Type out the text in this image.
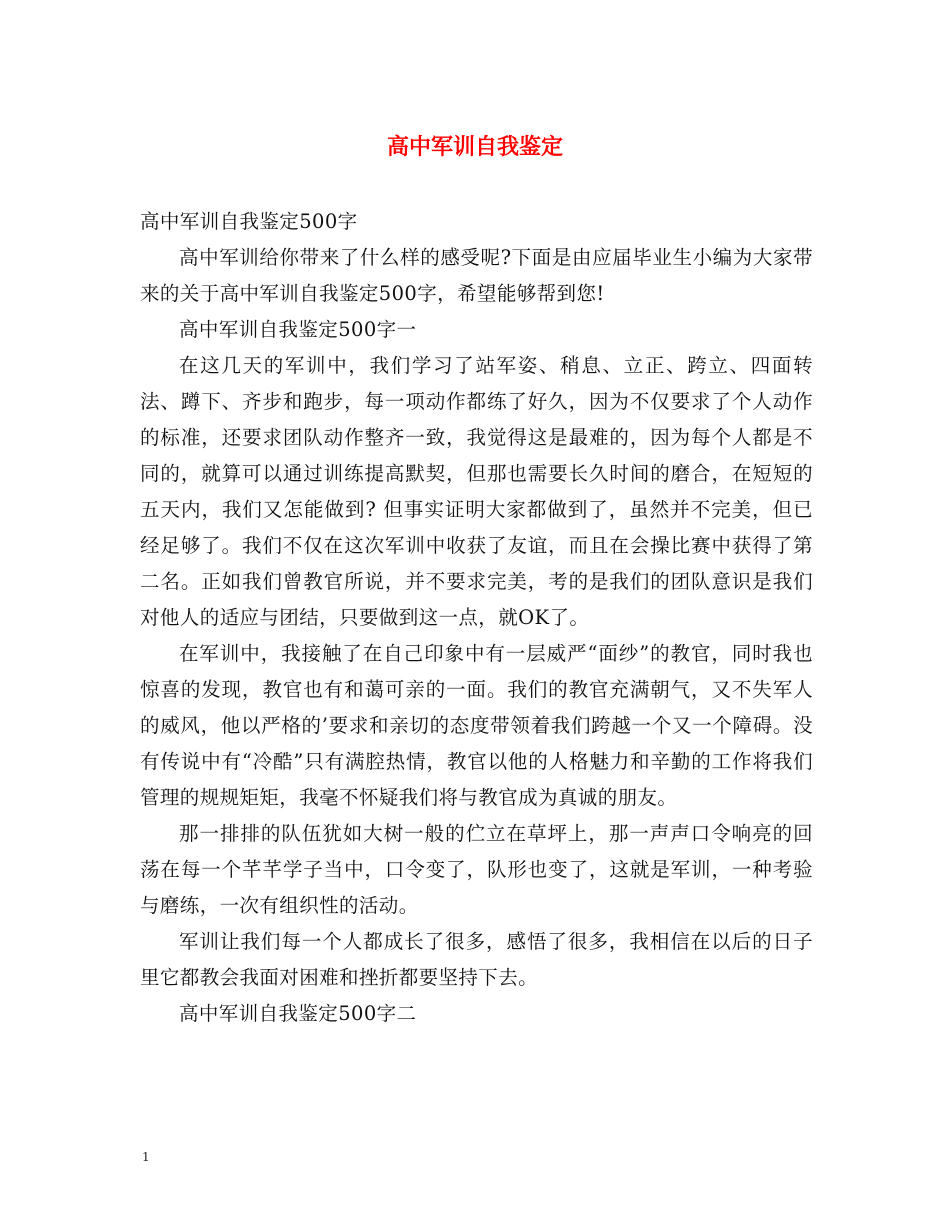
高中军训自我鉴定

高中军训自我鉴定500字

高中军训给你带来了什么样的感受呢?下面是由应届毕业生小编为大家带来的关于高中军训自我鉴定500字，希望能够帮到您!

高中军训自我鉴定500字一

在这几天的军训中，我们学习了站军姿、稍息、立正、跨立、四面转法、蹲下、齐步和跑步，每一项动作都练了好久，因为不仅要求了个人动作的标准，还要求团队动作整齐一致，我觉得这是最难的，因为每个人都是不同的，就算可以通过训练提高默契，但那也需要长久时间的磨合，在短短的五天内，我们又怎能做到? 但事实证明大家都做到了，虽然并不完美，但已经足够了。我们不仅在这次军训中收获了友谊，而且在会操比赛中获得了第二名。正如我们曾教官所说，并不要求完美，考的是我们的团队意识是我们对他人的适应与团结，只要做到这一点，就OK了。

在军训中，我接触了在自己印象中有一层威严“面纱”的教官，同时我也惊喜的发现，教官也有和蔼可亲的一面。我们的教官充满朝气，又不失军人的威风，他以严格的’要求和亲切的态度带领着我们跨越一个又一个障碍。没有传说中有“冷酷”只有满腔热情，教官以他的人格魅力和辛勤的工作将我们管理的规规矩矩，我毫不怀疑我们将与教官成为真诚的朋友。

那一排排的队伍犹如大树一般的伫立在草坪上，那一声声口令响亮的回荡在每一个芊芊学子当中，口令变了，队形也变了，这就是军训，一种考验与磨练，一次有组织性的活动。

军训让我们每一个人都成长了很多，感悟了很多，我相信在以后的日子里它都教会我面对困难和挫折都要坚持下去。

高中军训自我鉴定500字二

1
